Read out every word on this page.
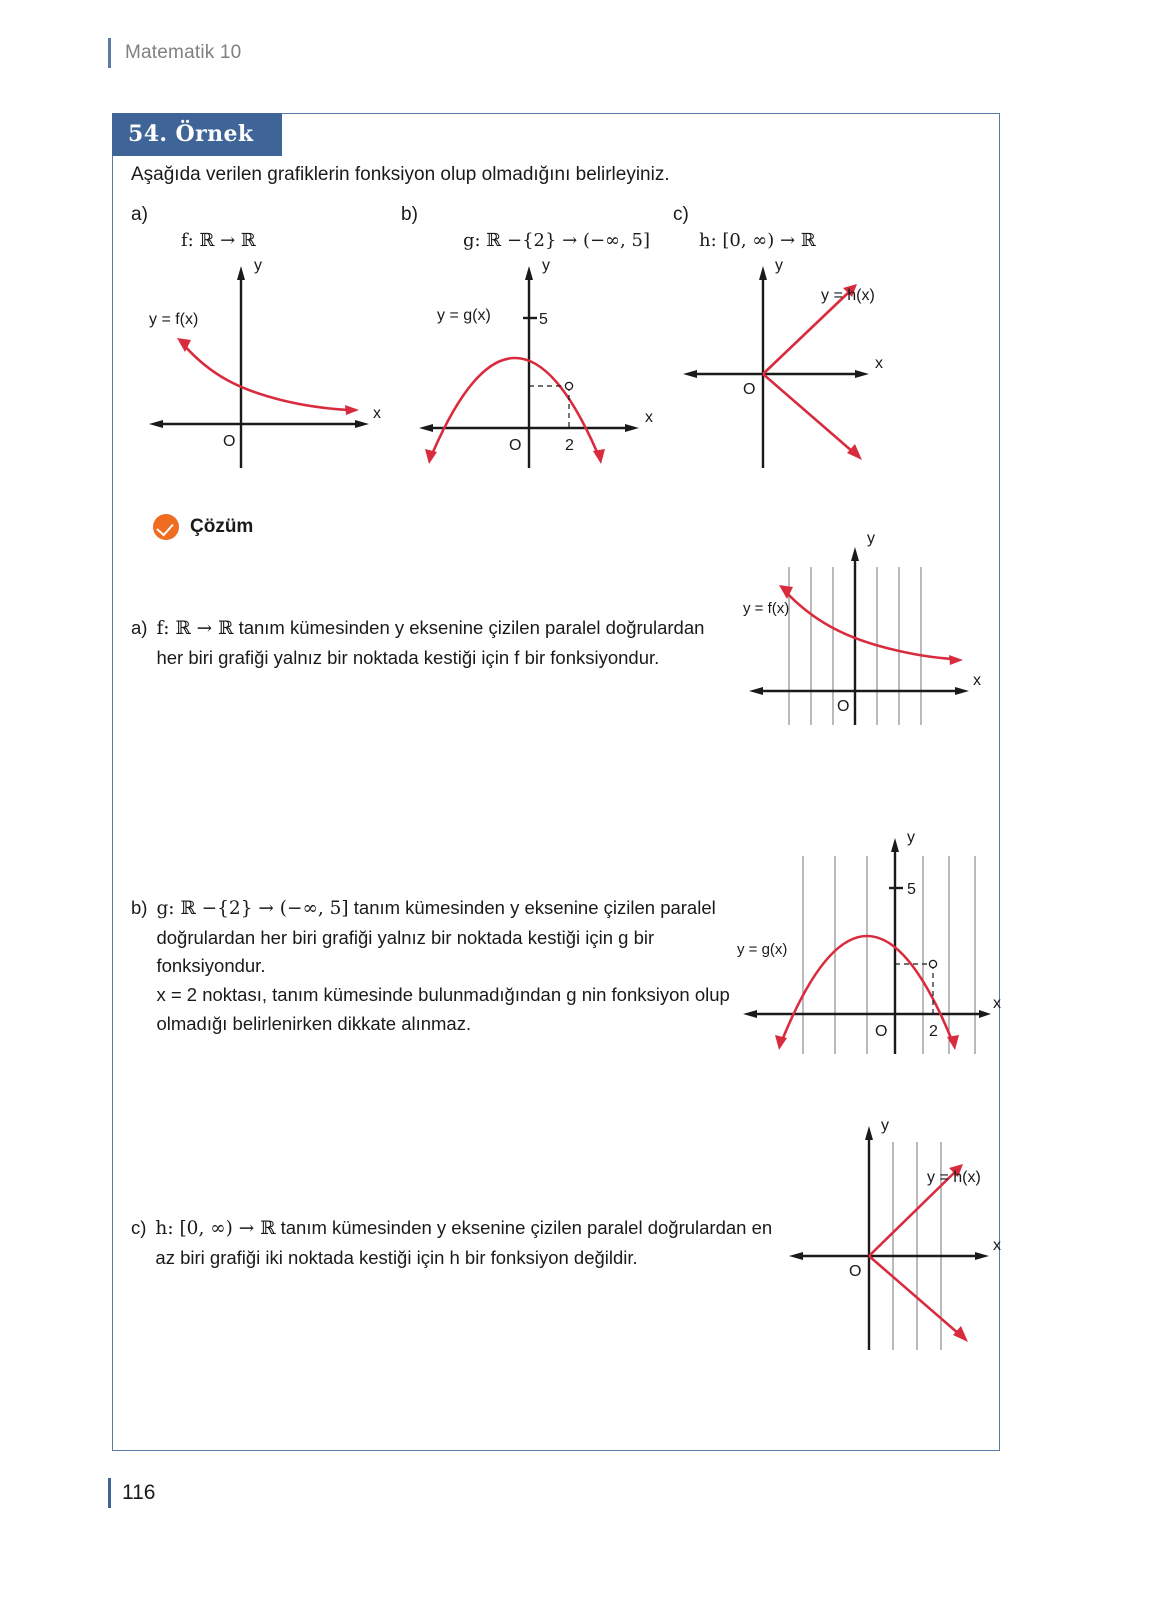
Matematik 10
54. Örnek
Aşağıda verilen grafiklerin fonksiyon olup olmadığını belirleyiniz.
a)
f: ℝ → ℝ
y
x
O
y = f(x)
b)
g: ℝ −{2} → (−∞, 5]
y
x
O	2
5
y = g(x)
c)
h: [0, ∞) → ℝ
y
x
O
y = h(x)
Çözüm
a) f: ℝ → ℝ tanım kümesinden y eksenine çizilen paralel doğrulardan her biri grafiği yalnız bir noktada kestiği için f bir fonksiyondur.
y
x
O
y = f(x)
b) g: ℝ −{2} → (−∞, 5] tanım kümesinden y eksenine çizilen paralel doğrulardan her biri grafiği yalnız bir noktada kestiği için g bir fonksiyondur.
x = 2 noktası, tanım kümesinde bulunmadığından g nin fonksiyon olup olmadığı belirlenirken dikkate alınmaz.
y
x
O	2
5
y = g(x)
c) h: [0, ∞) → ℝ tanım kümesinden y eksenine çizilen paralel doğrulardan en az biri grafiği iki noktada kestiği için h bir fonksiyon değildir.
y
x
O
y = h(x)
116
